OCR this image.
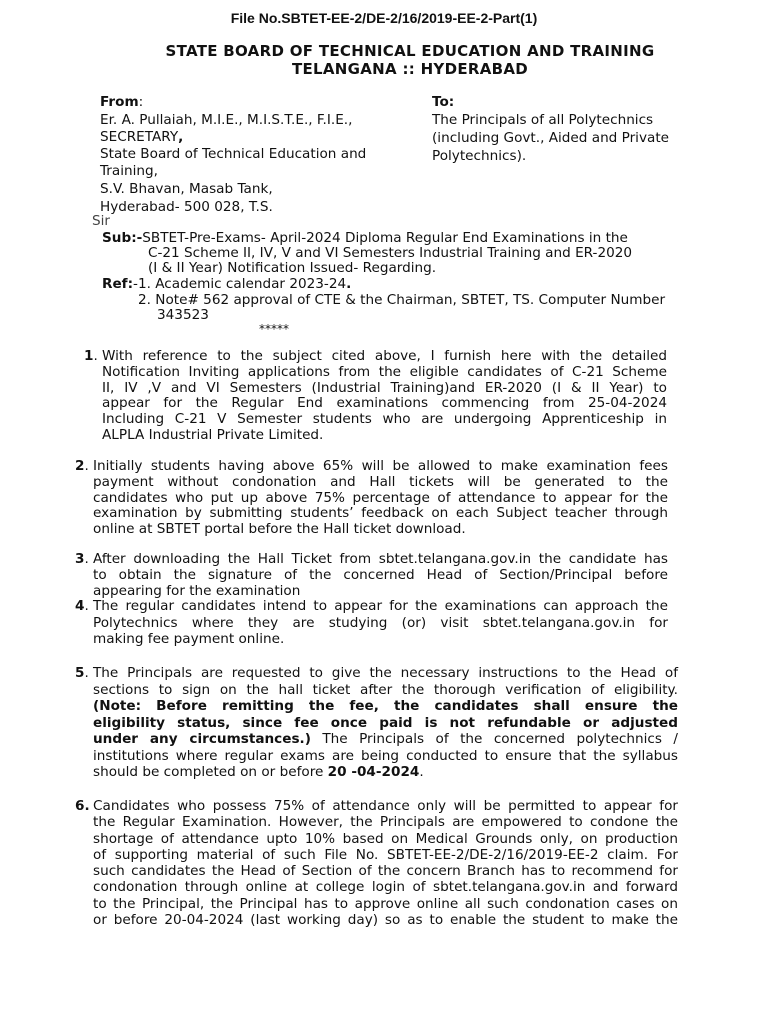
File No.SBTET-EE-2/DE-2/16/2019-EE-2-Part(1)
STATE BOARD OF TECHNICAL EDUCATION AND TRAINING
TELANGANA :: HYDERABAD
From:
Er. A. Pullaiah, M.I.E., M.I.S.T.E., F.I.E.,
SECRETARY,
State Board of Technical Education and
Training,
S.V. Bhavan, Masab Tank,
Hyderabad- 500 028, T.S.
To:
The Principals of all Polytechnics
(including Govt., Aided and Private
Polytechnics).
Sir
Sub:-SBTET-Pre-Exams- April-2024 Diploma Regular End Examinations in the
C-21 Scheme II, IV, V and VI Semesters Industrial Training and ER-2020
(I & II Year) Notification Issued- Regarding.
Ref:-1. Academic calendar 2023-24.
2. Note# 562 approval of CTE & the Chairman, SBTET, TS. Computer Number
343523
*****
1. With reference to the subject cited above, I furnish here with the detailed
Notification Inviting applications from the eligible candidates of C-21 Scheme
II, IV ,V and VI Semesters (Industrial Training)and ER-2020 (I & II Year) to
appear for the Regular End examinations commencing from 25-04-2024
Including C-21 V Semester students who are undergoing Apprenticeship in
ALPLA Industrial Private Limited.
2. Initially students having above 65% will be allowed to make examination fees
payment without condonation and Hall tickets will be generated to the
candidates who put up above 75% percentage of attendance to appear for the
examination by submitting students’ feedback on each Subject teacher through
online at SBTET portal before the Hall ticket download.
3. After downloading the Hall Ticket from sbtet.telangana.gov.in the candidate has
to obtain the signature of the concerned Head of Section/Principal before
appearing for the examination
4. The regular candidates intend to appear for the examinations can approach the
Polytechnics where they are studying (or) visit sbtet.telangana.gov.in for
making fee payment online.
5. The Principals are requested to give the necessary instructions to the Head of
sections to sign on the hall ticket after the thorough verification of eligibility.
(Note: Before remitting the fee, the candidates shall ensure the
eligibility status, since fee once paid is not refundable or adjusted
under any circumstances.) The Principals of the concerned polytechnics /
institutions where regular exams are being conducted to ensure that the syllabus
should be completed on or before 20 -04-2024.
6. Candidates who possess 75% of attendance only will be permitted to appear for
the Regular Examination. However, the Principals are empowered to condone the
shortage of attendance upto 10% based on Medical Grounds only, on production
of supporting material of such File No. SBTET-EE-2/DE-2/16/2019-EE-2 claim. For
such candidates the Head of Section of the concern Branch has to recommend for
condonation through online at college login of sbtet.telangana.gov.in and forward
to the Principal, the Principal has to approve online all such condonation cases on
or before 20-04-2024 (last working day) so as to enable the student to make the
